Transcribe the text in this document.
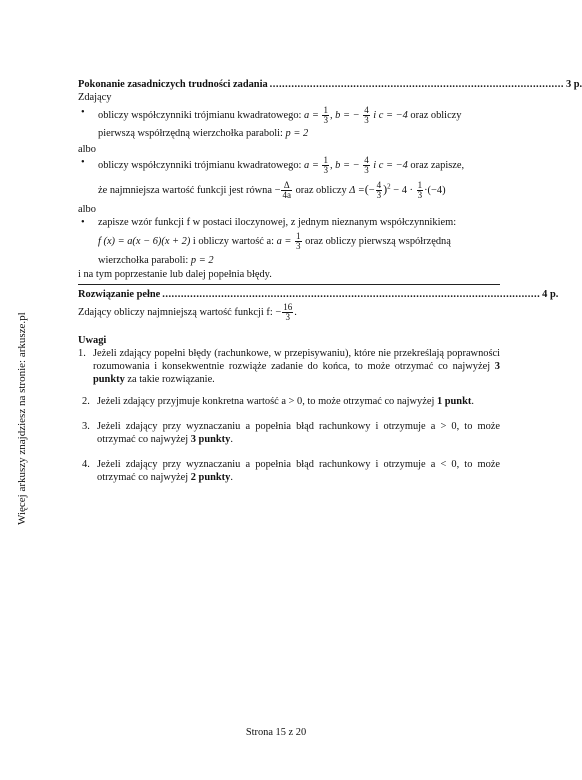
Więcej arkuszy znajdziesz na stronie: arkusze.pl
Pokonanie zasadniczych trudności zadania ............................................................................................... 3 p.
Zdający
•	obliczy współczynniki trójmianu kwadratowego: $a = \frac{1}{3}$ , b = − $\frac{4}{3}$ i c = −4 oraz obliczy
pierwszą współrzędną wierzchołka paraboli: p = 2
albo
•	obliczy współczynniki trójmianu kwadratowego: $a = \frac{1}{3}$ , b = − $\frac{4}{3}$ i c = −4 oraz zapisze,
że najmniejsza wartość funkcji jest równa − $\frac{\Delta}{4a}$ oraz obliczy Δ =(− $\frac{4}{3} )^2 - 4 \cdot \frac{1}{3} \cdot(-4)$
albo
•	zapisze wzór funkcji f w postaci iloczynowej, z jednym nieznanym współczynnikiem:
f (x) = a(x − 6)(x + 2) i obliczy wartość a: $a = \frac{1}{3}$ oraz obliczy pierwszą współrzędną
wierzchołka paraboli: p = 2
i na tym poprzestanie lub dalej popełnia błędy.
Rozwiązanie pełne .......................................................................................................................... 4 p.
Zdający obliczy najmniejszą wartość funkcji f: − $\frac{16}{3}$ .
Uwagi
1. Jeżeli zdający popełni błędy (rachunkowe, w przepisywaniu), które nie przekreślają poprawności rozumowania i konsekwentnie rozwiąże zadanie do końca, to może otrzymać co najwyżej 3 punkty za takie rozwiązanie.
2. Jeżeli zdający przyjmuje konkretna wartość a > 0, to może otrzymać co najwyżej 1 punkt.
3. Jeżeli zdający przy wyznaczaniu a popełnia błąd rachunkowy i otrzymuje a > 0, to może otrzymać co najwyżej 3 punkty.
4. Jeżeli zdający przy wyznaczaniu a popełnia błąd rachunkowy i otrzymuje a < 0, to może otrzymać co najwyżej 2 punkty.
Strona 15 z 20
